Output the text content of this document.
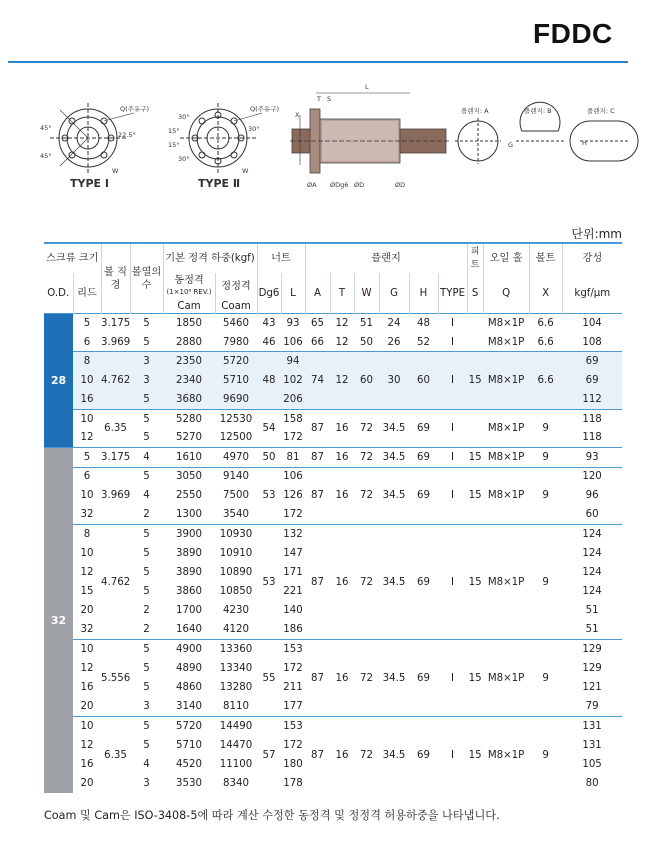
FDDC
45°
45°
22.5°
Q(주유구)
W
TYPE Ⅰ
30°
15°
15°
30°
30°
Q(주유구)
W
TYPE Ⅱ
T S
L
X
ØA ØDg6 ØD	ØD
플랜지: A	플랜지: B	플랜지: C
G	H
단위:mm
스크류 크기		볼 직경	볼열의 수	기본 정격 하중(kgf)		너트		플랜지						피트	오일 홀	볼트	강성
O.D.	리드			동정격
(1×10⁶ REV.)	정정격	Dg6	L	A	T	W	G	H	TYPE	S	Q	X	kgf/μm
				Cam	Coam												
28	5	3.175	5	1850	5460	43	93	65	12	51	24	48	Ⅰ		M8×1P	6.6	104
	6	3.969	5	2880	7980	46	106	66	12	50	26	52	Ⅰ		M8×1P	6.6	108
	8	4.762	3	2350	5720	48	94	74	12	60	30	60	Ⅰ	15	M8×1P	6.6	69
	10		3	2340	5710		102										69
	16		5	3680	9690		206										112
	10	6.35	5	5280	12530	54	158	87	16	72	34.5	69	Ⅰ		M8×1P	9	118
	12		5	5270	12500		172										118
32	5	3.175	4	1610	4970	50	81	87	16	72	34.5	69	Ⅰ	15	M8×1P	9	93
	6	3.969	5	3050	9140	53	106	87	16	72	34.5	69	Ⅰ	15	M8×1P	9	120
	10		4	2550	7500		126										96
	32		2	1300	3540		172										60
	8	4.762	5	3900	10930	53	132	87	16	72	34.5	69	Ⅰ	15	M8×1P	9	124
	10		5	3890	10910		147										124
	12		5	3890	10890		171										124
	15		5	3860	10850		221										124
	20		2	1700	4230		140										51
	32		2	1640	4120		186										51
	10	5.556	5	4900	13360	55	153	87	16	72	34.5	69	Ⅰ	15	M8×1P	9	129
	12		5	4890	13340		172										129
	16		5	4860	13280		211										121
	20		3	3140	8110		177										79
	10	6.35	5	5720	14490	57	153	87	16	72	34.5	69	Ⅰ	15	M8×1P	9	131
	12		5	5710	14470		172										131
	16		4	4520	11100		180										105
	20		3	3530	8340		178										80
Coam 및 Cam은 ISO-3408-5에 따라 계산 수정한 동정격 및 정정격 허용하중을 나타냅니다.
